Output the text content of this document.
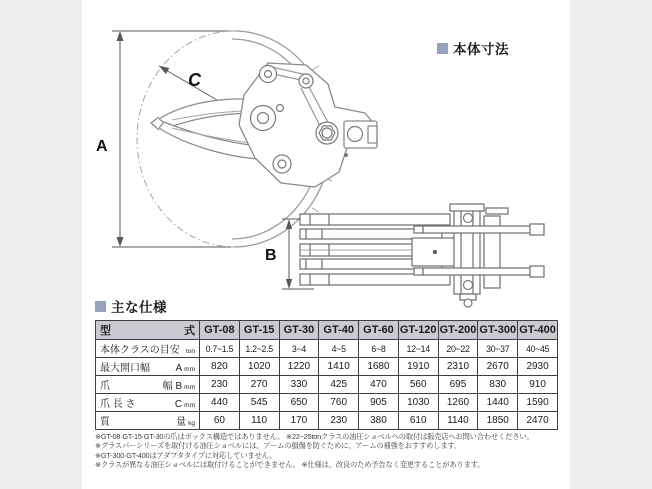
A
C
B
本体寸法
主な仕様
型 式	GT-08	GT-15	GT-30	GT-40	GT-60	GT-120	GT-200	GT-300	GT-400

本体クラスの目安 ton	0.7~1.5	1.2~2.5	3~4	4~5	6~8	12~14	20~22	30~37	40~45

最大開口幅 A mm	820	1020	1220	1410	1680	1910	2310	2670	2930

爪 幅 B mm	230	270	330	425	470	560	695	830	910

爪 長 さ C mm	440	545	650	760	905	1030	1260	1440	1590

質 量 kg	60	110	170	230	380	610	1140	1850	2470
※GT-08·GT-15·GT-30の爪はボックス構造ではありません。 ※22~25tonクラスの油圧ショベルへの取付は販売店へお問い合わせください。
※グラスパーシリーズを取付ける油圧ショベルには、アームの損傷を防ぐために、アームの補強をおすすめします。
※GT-300·GT-400はアダプタタイプに対応していません。
※クラスが異なる油圧ショベルには取付けることができません。 ※仕様は、改良のため予告なく変更することがあります。
